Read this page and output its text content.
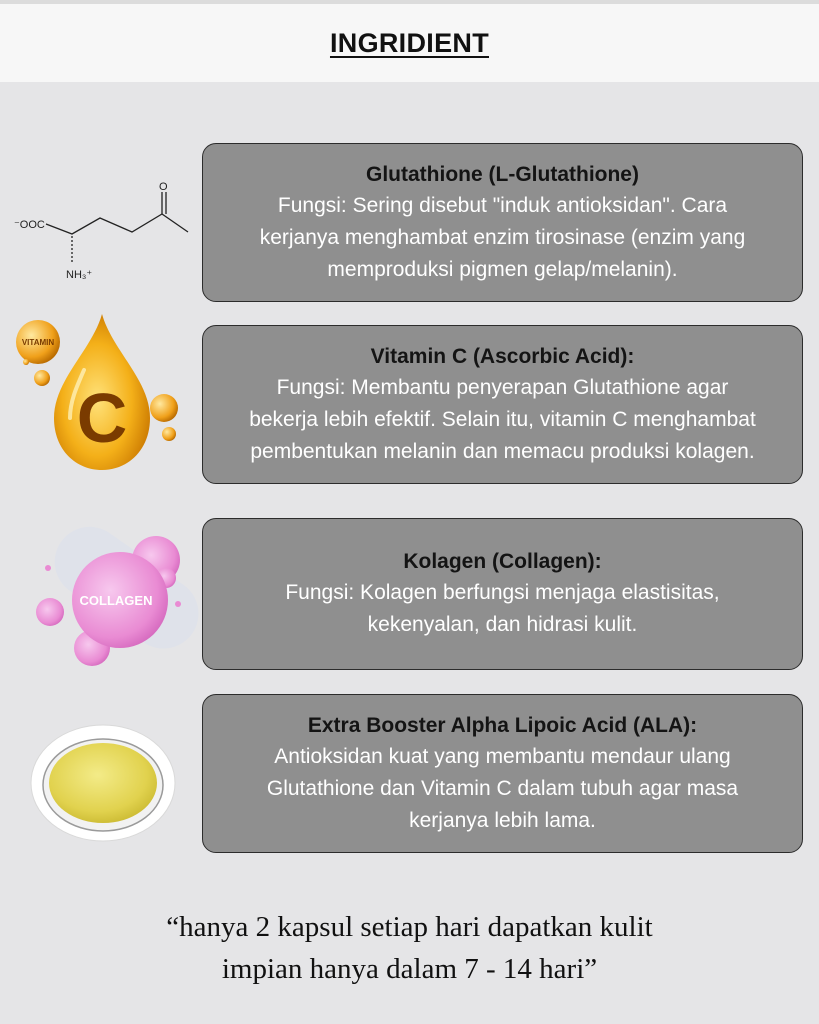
INGRIDIENT
⁻OOC
O
NH₃⁺
C
VITAMIN
COLLAGEN
Glutathione (L-Glutathione)
Fungsi: Sering disebut "induk antioksidan". Cara
kerjanya menghambat enzim tirosinase (enzim yang
memproduksi pigmen gelap/melanin).
Vitamin C (Ascorbic Acid):
Fungsi: Membantu penyerapan Glutathione agar
bekerja lebih efektif. Selain itu, vitamin C menghambat
pembentukan melanin dan memacu produksi kolagen.
Kolagen (Collagen):
Fungsi: Kolagen berfungsi menjaga elastisitas,
kekenyalan, dan hidrasi kulit.
Extra Booster Alpha Lipoic Acid (ALA):
Antioksidan kuat yang membantu mendaur ulang
Glutathione dan Vitamin C dalam tubuh agar masa
kerjanya lebih lama.
“hanya 2 kapsul setiap hari dapatkan kulit
impian hanya dalam 7 - 14 hari”
